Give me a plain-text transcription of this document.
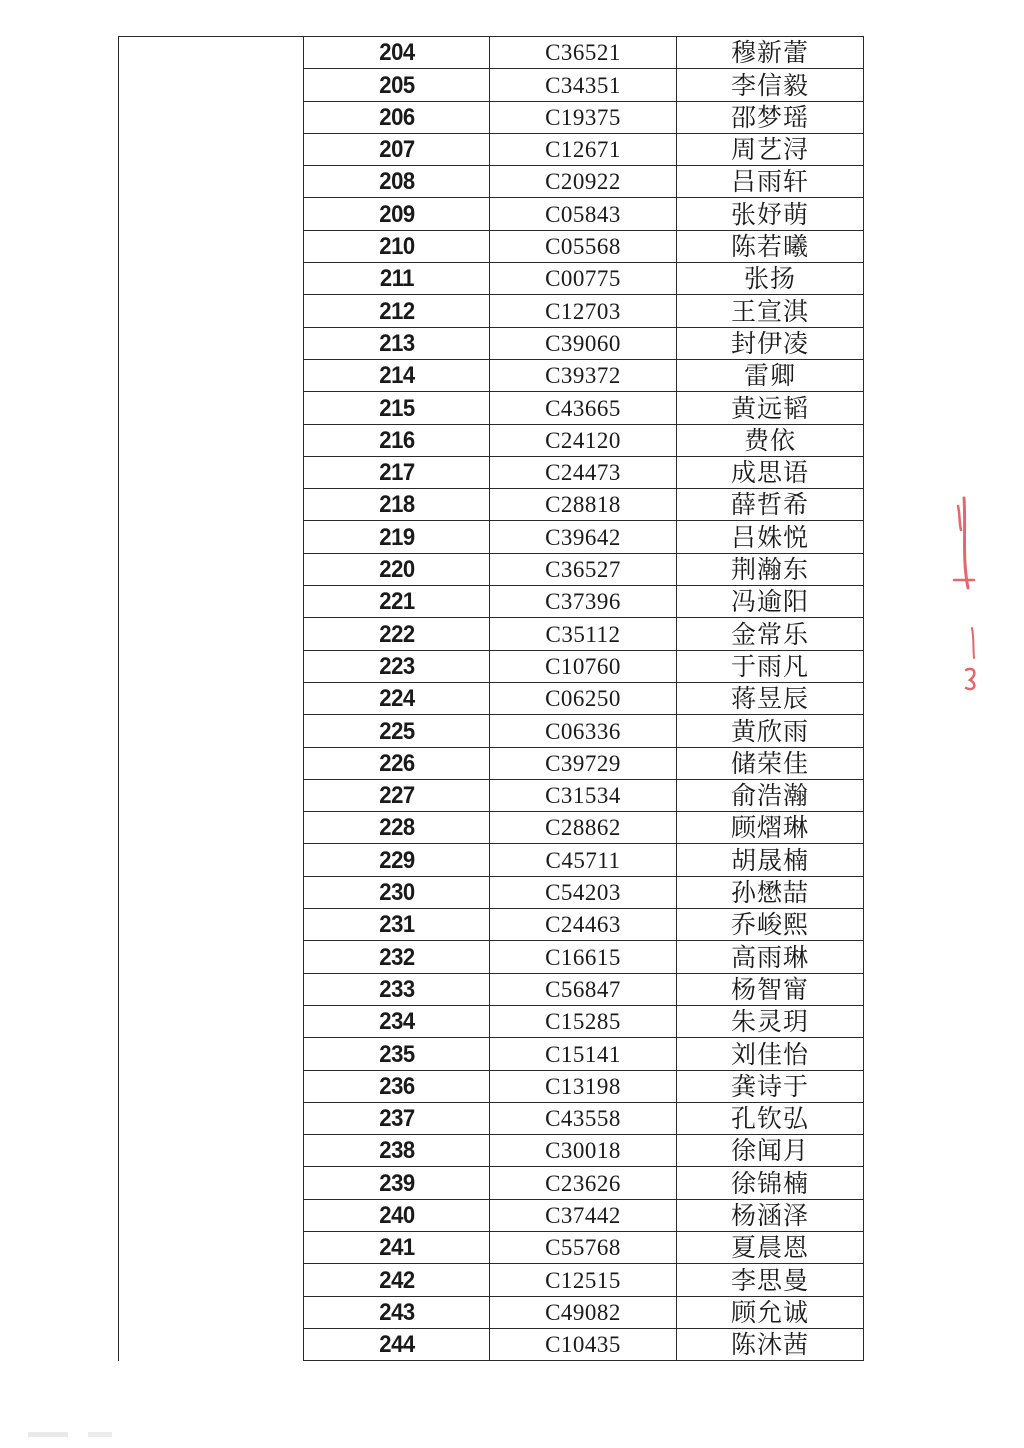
	204	C36521	穆新蕾
	205	C34351	李信毅
	206	C19375	邵梦瑶
	207	C12671	周艺浔
	208	C20922	吕雨轩
	209	C05843	张妤萌
	210	C05568	陈若曦
	211	C00775	张扬
	212	C12703	王宣淇
	213	C39060	封伊凌
	214	C39372	雷卿
	215	C43665	黄远韬
	216	C24120	费依
	217	C24473	成思语
	218	C28818	薛哲希
	219	C39642	吕姝悦
	220	C36527	荆瀚东
	221	C37396	冯逾阳
	222	C35112	金常乐
	223	C10760	于雨凡
	224	C06250	蒋昱辰
	225	C06336	黄欣雨
	226	C39729	储荣佳
	227	C31534	俞浩瀚
	228	C28862	顾熠琳
	229	C45711	胡晟楠
	230	C54203	孙懋喆
	231	C24463	乔峻熙
	232	C16615	高雨琳
	233	C56847	杨智甯
	234	C15285	朱灵玥
	235	C15141	刘佳怡
	236	C13198	龚诗于
	237	C43558	孔钦弘
	238	C30018	徐闻月
	239	C23626	徐锦楠
	240	C37442	杨涵泽
	241	C55768	夏晨恩
	242	C12515	李思曼
	243	C49082	顾允诚
	244	C10435	陈沐茜
